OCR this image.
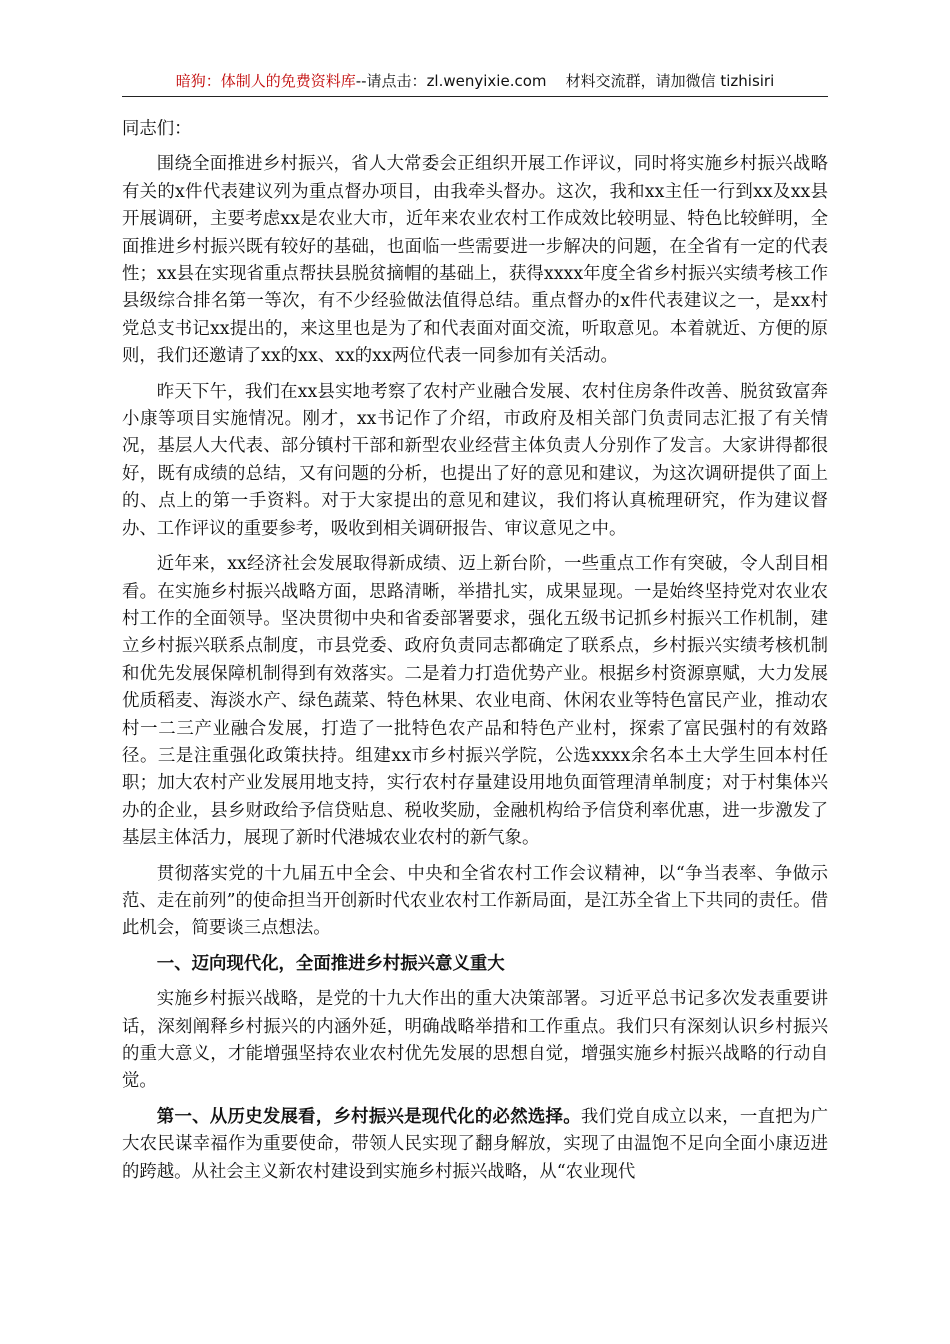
暗狗：体制人的免费资料库--请点击：zl.wenyixie.com 材料交流群，请加微信 tizhisiri

同志们：

围绕全面推进乡村振兴，省人大常委会正组织开展工作评议，同时将实施乡村振兴战略有关的x件代表建议列为重点督办项目，由我牵头督办。这次，我和xx主任一行到xx及xx县开展调研，主要考虑xx是农业大市，近年来农业农村工作成效比较明显、特色比较鲜明，全面推进乡村振兴既有较好的基础，也面临一些需要进一步解决的问题，在全省有一定的代表性；xx县在实现省重点帮扶县脱贫摘帽的基础上，获得xxxx年度全省乡村振兴实绩考核工作县级综合排名第一等次，有不少经验做法值得总结。重点督办的x件代表建议之一，是xx村党总支书记xx提出的，来这里也是为了和代表面对面交流，听取意见。本着就近、方便的原则，我们还邀请了xx的xx、xx的xx两位代表一同参加有关活动。

昨天下午，我们在xx县实地考察了农村产业融合发展、农村住房条件改善、脱贫致富奔小康等项目实施情况。刚才，xx书记作了介绍，市政府及相关部门负责同志汇报了有关情况，基层人大代表、部分镇村干部和新型农业经营主体负责人分别作了发言。大家讲得都很好，既有成绩的总结，又有问题的分析，也提出了好的意见和建议，为这次调研提供了面上的、点上的第一手资料。对于大家提出的意见和建议，我们将认真梳理研究，作为建议督办、工作评议的重要参考，吸收到相关调研报告、审议意见之中。

近年来，xx经济社会发展取得新成绩、迈上新台阶，一些重点工作有突破，令人刮目相看。在实施乡村振兴战略方面，思路清晰，举措扎实，成果显现。一是始终坚持党对农业农村工作的全面领导。坚决贯彻中央和省委部署要求，强化五级书记抓乡村振兴工作机制，建立乡村振兴联系点制度，市县党委、政府负责同志都确定了联系点，乡村振兴实绩考核机制和优先发展保障机制得到有效落实。二是着力打造优势产业。根据乡村资源禀赋，大力发展优质稻麦、海淡水产、绿色蔬菜、特色林果、农业电商、休闲农业等特色富民产业，推动农村一二三产业融合发展，打造了一批特色农产品和特色产业村，探索了富民强村的有效路径。三是注重强化政策扶持。组建xx市乡村振兴学院，公选xxxx余名本土大学生回本村任职；加大农村产业发展用地支持，实行农村存量建设用地负面管理清单制度；对于村集体兴办的企业，县乡财政给予信贷贴息、税收奖励，金融机构给予信贷利率优惠，进一步激发了基层主体活力，展现了新时代港城农业农村的新气象。

贯彻落实党的十九届五中全会、中央和全省农村工作会议精神，以“争当表率、争做示范、走在前列”的使命担当开创新时代农业农村工作新局面，是江苏全省上下共同的责任。借此机会，简要谈三点想法。

一、迈向现代化，全面推进乡村振兴意义重大

实施乡村振兴战略，是党的十九大作出的重大决策部署。习近平总书记多次发表重要讲话，深刻阐释乡村振兴的内涵外延，明确战略举措和工作重点。我们只有深刻认识乡村振兴的重大意义，才能增强坚持农业农村优先发展的思想自觉，增强实施乡村振兴战略的行动自觉。

第一、从历史发展看，乡村振兴是现代化的必然选择。我们党自成立以来，一直把为广大农民谋幸福作为重要使命，带领人民实现了翻身解放，实现了由温饱不足向全面小康迈进的跨越。从社会主义新农村建设到实施乡村振兴战略，从“农业现代
